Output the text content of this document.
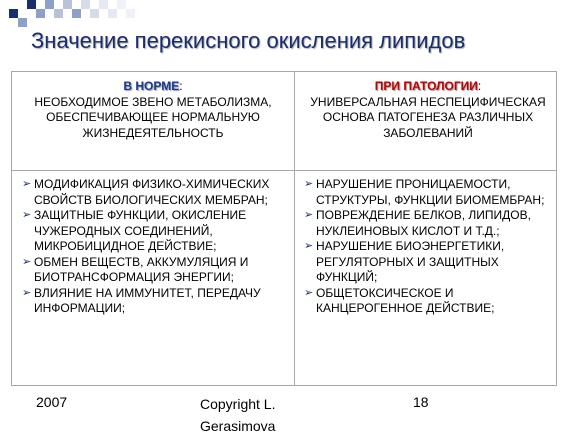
Значение перекисного окисления липидов
В НОРМЕ:
НЕОБХОДИМОЕ ЗВЕНО МЕТАБОЛИЗМА, ОБЕСПЕЧИВАЮЩЕЕ НОРМАЛЬНУЮ ЖИЗНЕДЕЯТЕЛЬНОСТЬ
ПРИ ПАТОЛОГИИ:
УНИВЕРСАЛЬНАЯ НЕСПЕЦИФИЧЕСКАЯ ОСНОВА ПАТОГЕНЕЗА РАЗЛИЧНЫХ ЗАБОЛЕВАНИЙ
➢ МОДИФИКАЦИЯ ФИЗИКО-ХИМИЧЕСКИХ СВОЙСТВ БИОЛОГИЧЕСКИХ МЕМБРАН;
➢ ЗАЩИТНЫЕ ФУНКЦИИ, ОКИСЛЕНИЕ ЧУЖЕРОДНЫХ СОЕДИНЕНИЙ, МИКРОБИЦИДНОЕ ДЕЙСТВИЕ;
➢ ОБМЕН ВЕЩЕСТВ, АККУМУЛЯЦИЯ И БИОТРАНСФОРМАЦИЯ ЭНЕРГИИ;
➢ ВЛИЯНИЕ НА ИММУНИТЕТ, ПЕРЕДАЧУ ИНФОРМАЦИИ;
➢ НАРУШЕНИЕ ПРОНИЦАЕМОСТИ, СТРУКТУРЫ, ФУНКЦИИ БИОМЕМБРАН;
➢ ПОВРЕЖДЕНИЕ БЕЛКОВ, ЛИПИДОВ, НУКЛЕИНОВЫХ КИСЛОТ И Т.Д.;
➢ НАРУШЕНИЕ БИОЭНЕРГЕТИКИ, РЕГУЛЯТОРНЫХ И ЗАЩИТНЫХ ФУНКЦИЙ;
➢ ОБЩЕТОКСИЧЕСКОЕ И КАНЦЕРОГЕННОЕ ДЕЙСТВИЕ;
2007	Copyright L. Gerasimova
18
